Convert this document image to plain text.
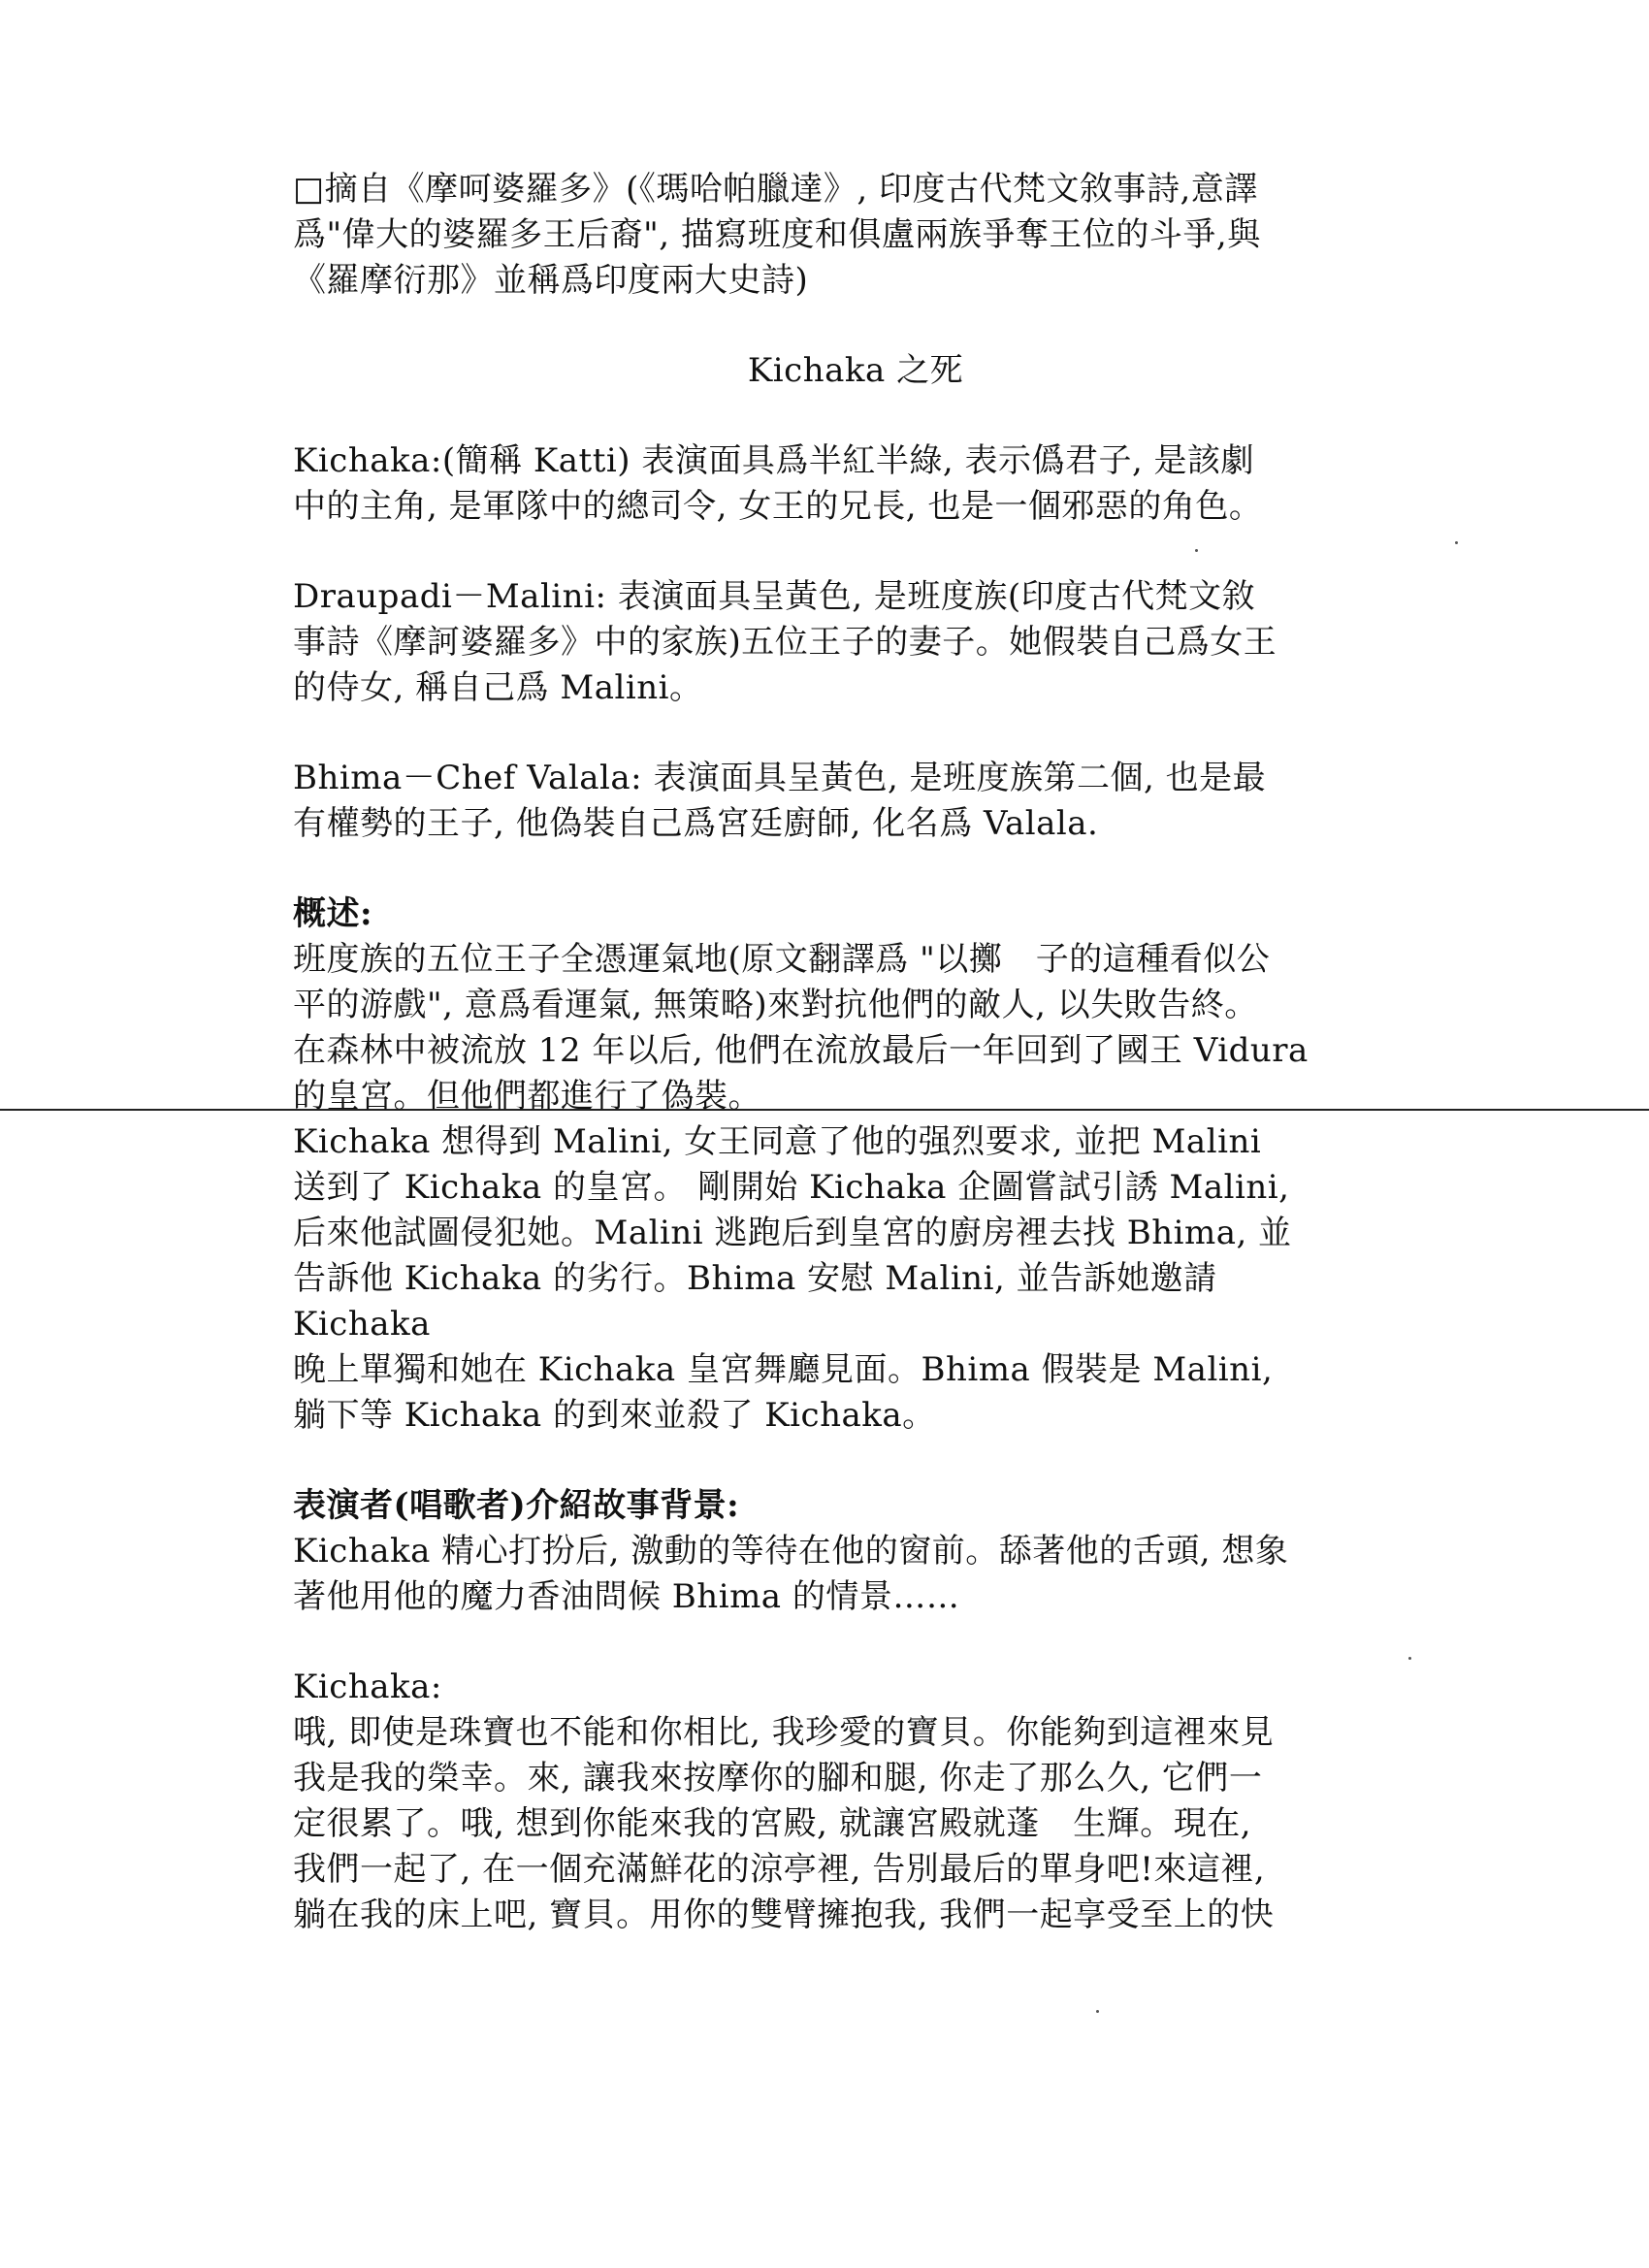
□摘自《摩呵婆羅多》(《瑪哈帕臘達》, 印度古代梵文敘事詩,意譯

爲"偉大的婆羅多王后裔", 描寫班度和俱盧兩族爭奪王位的斗爭,與

《羅摩衍那》並稱爲印度兩大史詩)

Kichaka 之死

Kichaka:(簡稱 Katti) 表演面具爲半紅半綠, 表示僞君子, 是該劇

中的主角, 是軍隊中的總司令, 女王的兄長, 也是一個邪惡的角色。

Draupadi－Malini: 表演面具呈黃色, 是班度族(印度古代梵文敘

事詩《摩訶婆羅多》中的家族)五位王子的妻子。她假裝自己爲女王

的侍女, 稱自己爲 Malini。

Bhima－Chef Valala: 表演面具呈黃色, 是班度族第二個, 也是最

有權勢的王子, 他偽裝自己爲宮廷廚師, 化名爲 Valala.

概述:

班度族的五位王子全憑運氣地(原文翻譯爲 "以擲　子的這種看似公

平的游戲", 意爲看運氣, 無策略)來對抗他們的敵人, 以失敗告終。

在森林中被流放 12 年以后, 他們在流放最后一年回到了國王 Vidura

的皇宮。但他們都進行了偽裝。

Kichaka 想得到 Malini, 女王同意了他的强烈要求, 並把 Malini

送到了 Kichaka 的皇宮。 剛開始 Kichaka 企圖嘗試引誘 Malini,

后來他試圖侵犯她。Malini 逃跑后到皇宮的廚房裡去找 Bhima, 並

告訴他 Kichaka 的劣行。Bhima 安慰 Malini, 並告訴她邀請 Kichaka

晚上單獨和她在 Kichaka 皇宮舞廳見面。Bhima 假裝是 Malini,

躺下等 Kichaka 的到來並殺了 Kichaka。

表演者(唱歌者)介紹故事背景:

Kichaka 精心打扮后, 激動的等待在他的窗前。舔著他的舌頭, 想象

著他用他的魔力香油問候 Bhima 的情景……

Kichaka:

哦, 即使是珠寶也不能和你相比, 我珍愛的寶貝。你能夠到這裡來見

我是我的榮幸。來, 讓我來按摩你的腳和腿, 你走了那么久, 它們一

定很累了。哦, 想到你能來我的宮殿, 就讓宮殿就蓬　生輝。現在,

我們一起了, 在一個充滿鮮花的涼亭裡, 告別最后的單身吧!來這裡,

躺在我的床上吧, 寶貝。用你的雙臂擁抱我, 我們一起享受至上的快
